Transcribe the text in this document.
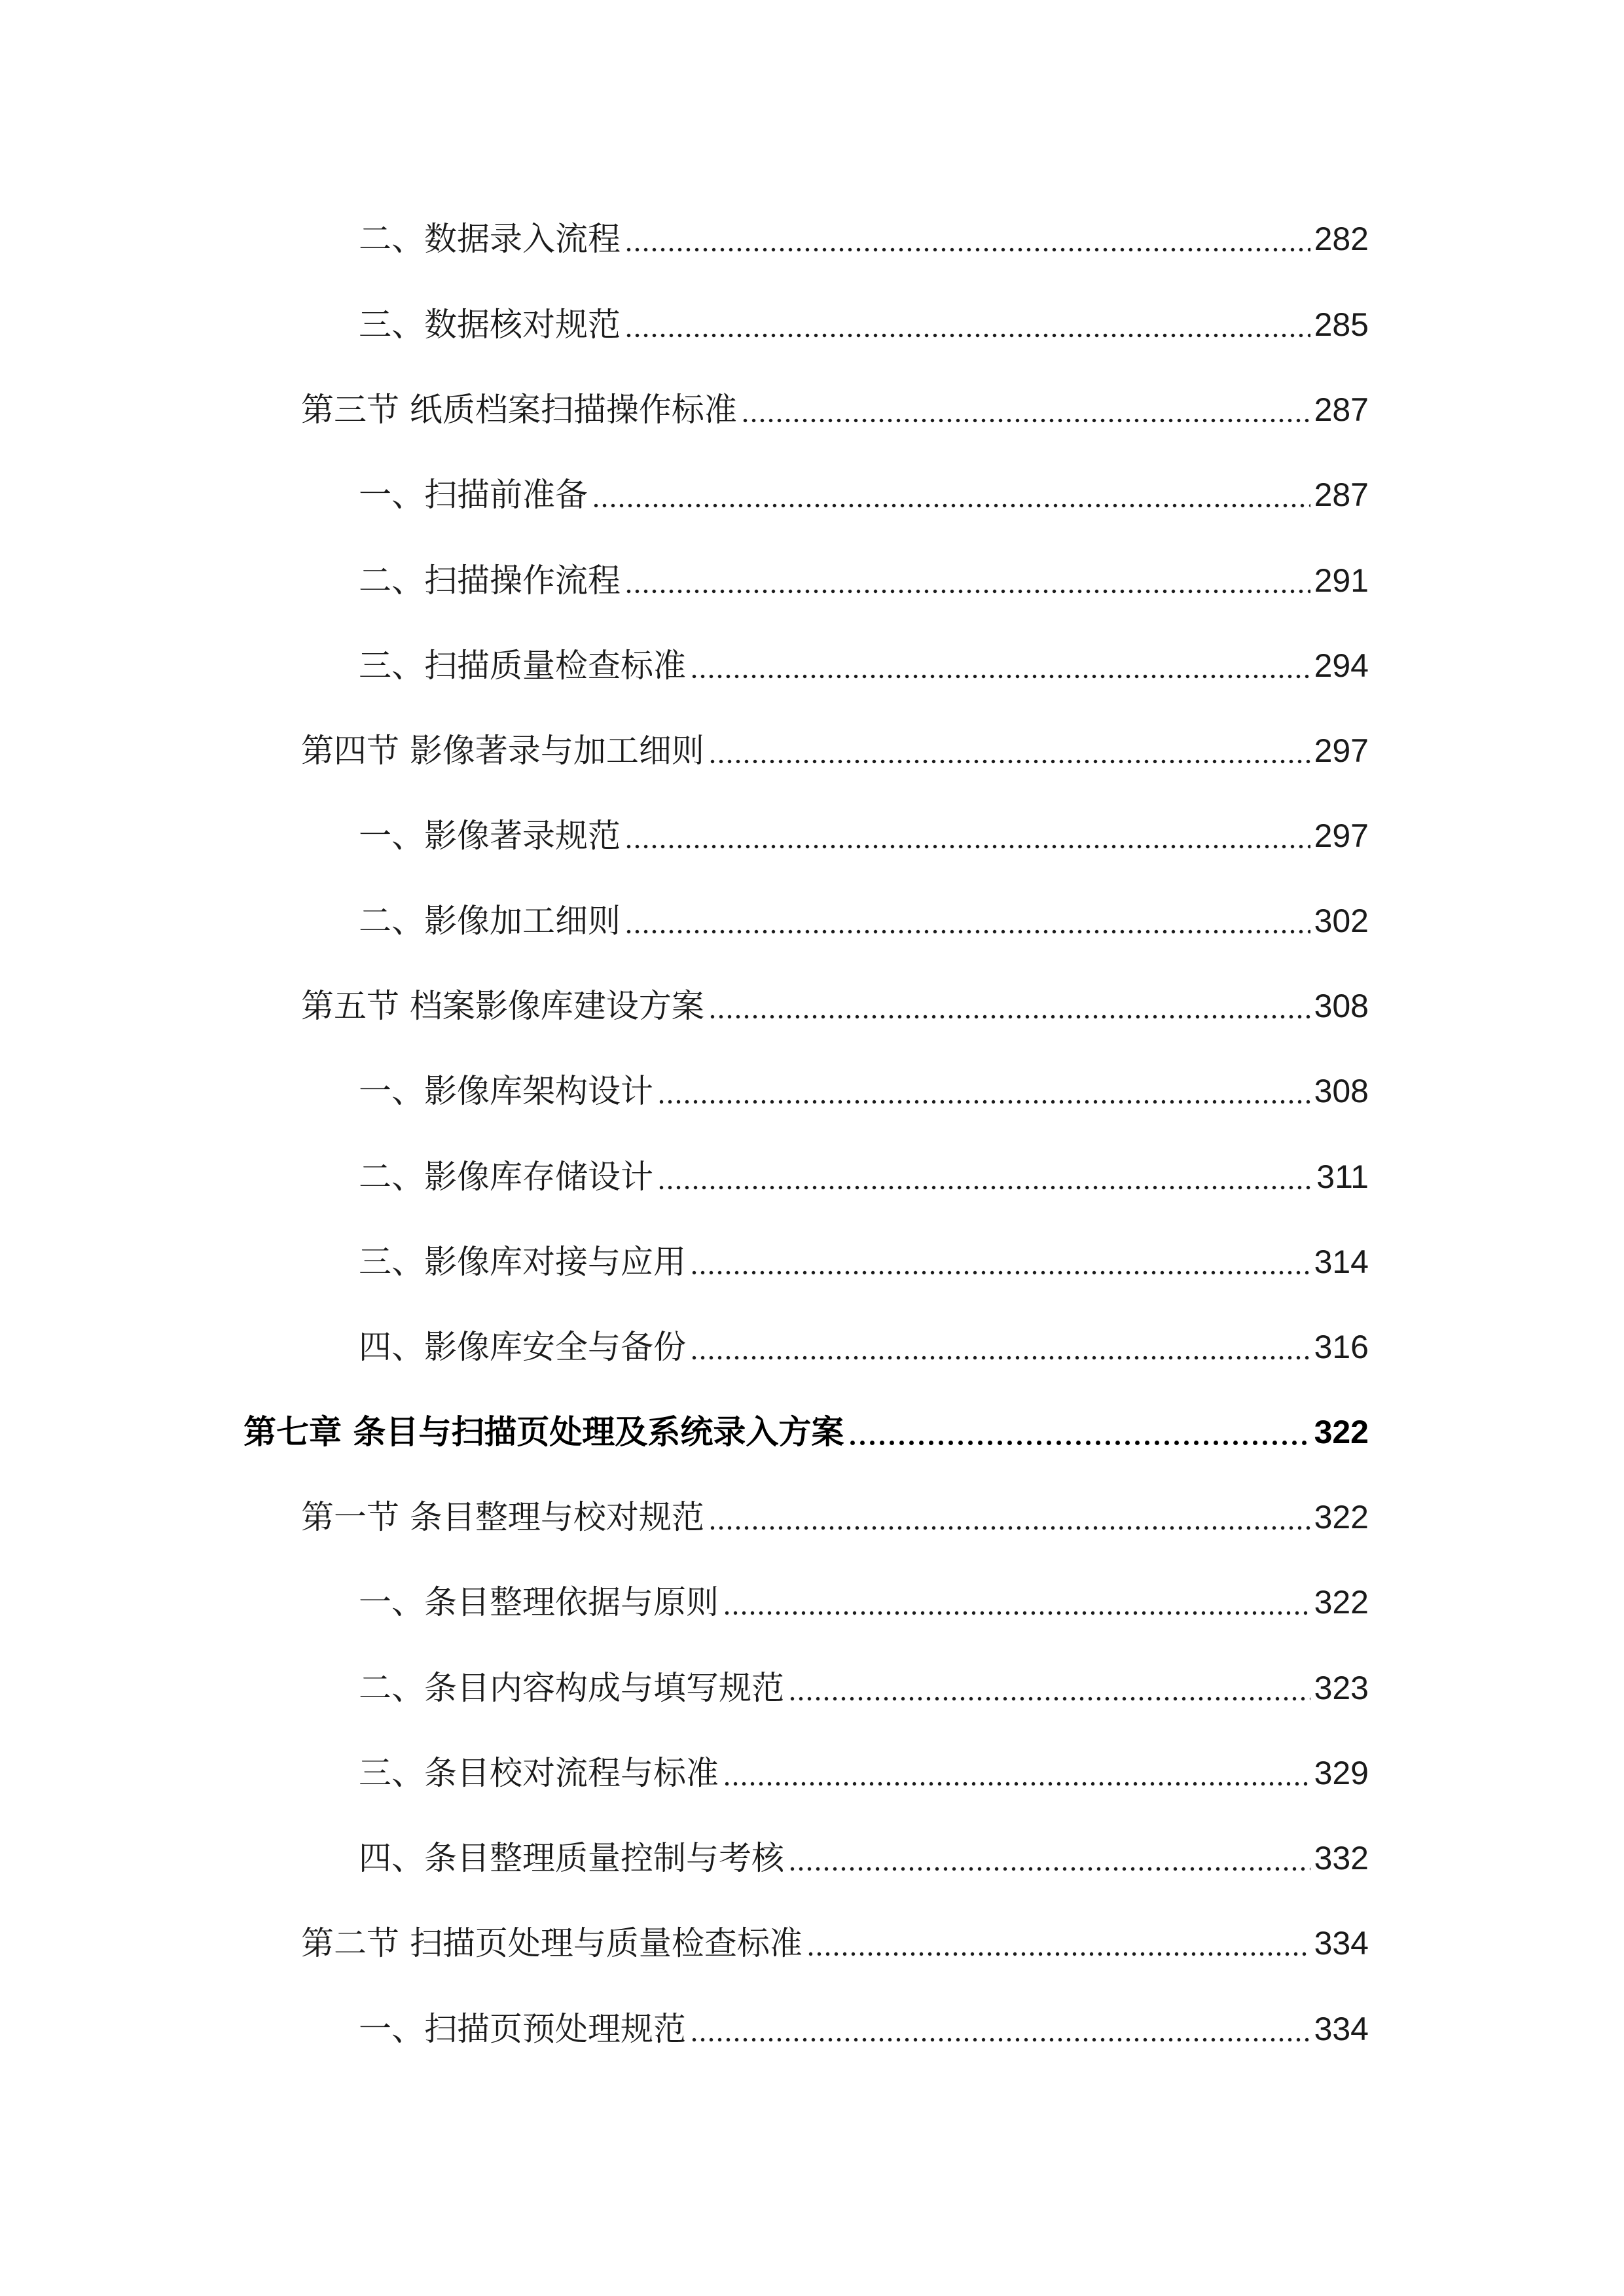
二、数据录入流程	282
三、数据核对规范	285
第三节 纸质档案扫描操作标准	287
一、扫描前准备	287
二、扫描操作流程	291
三、扫描质量检查标准	294
第四节 影像著录与加工细则	297
一、影像著录规范	297
二、影像加工细则	302
第五节 档案影像库建设方案	308
一、影像库架构设计	308
二、影像库存储设计	311
三、影像库对接与应用	314
四、影像库安全与备份	316
第七章 条目与扫描页处理及系统录入方案	322
第一节 条目整理与校对规范	322
一、条目整理依据与原则	322
二、条目内容构成与填写规范	323
三、条目校对流程与标准	329
四、条目整理质量控制与考核	332
第二节 扫描页处理与质量检查标准	334
一、扫描页预处理规范	334
